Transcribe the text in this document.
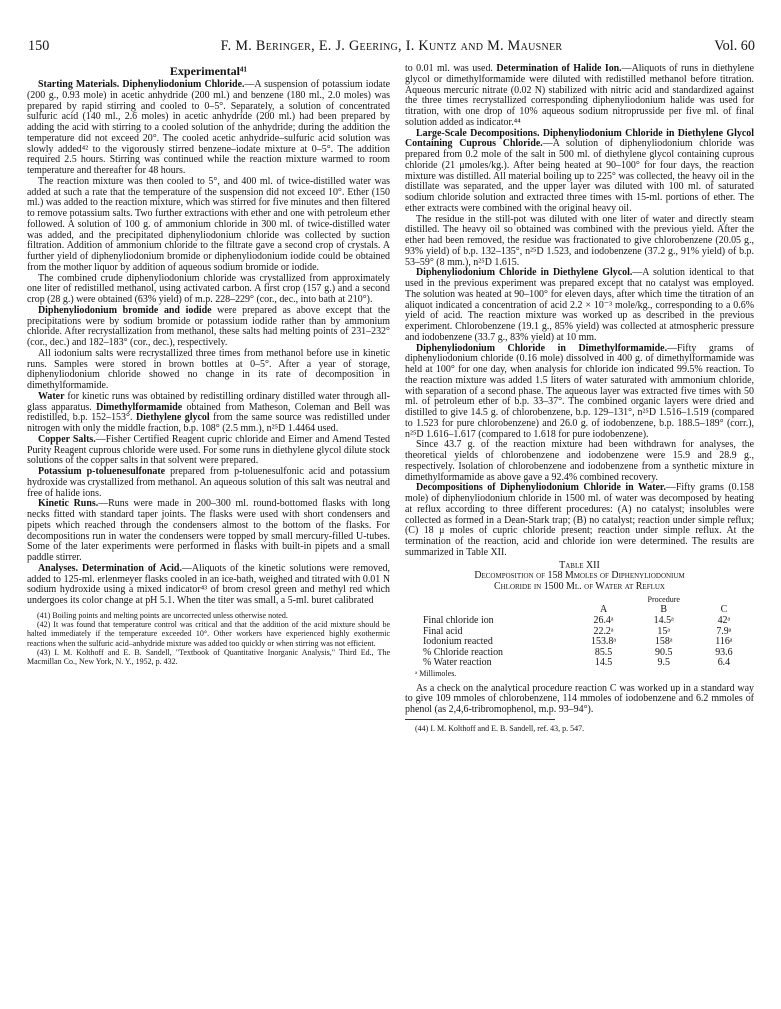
150	F. M. Beringer, E. J. Geering, I. Kuntz and M. Mausner	Vol. 60
Experimental⁴¹

Starting Materials. Diphenyliodonium Chloride.—A suspension of potassium iodate (200 g., 0.93 mole) in acetic anhydride (200 ml.) and benzene (180 ml., 2.0 moles) was prepared by rapid stirring and cooled to 0–5°. Separately, a solution of concentrated sulfuric acid (140 ml., 2.6 moles) in acetic anhydride (200 ml.) had been prepared by adding the acid with stirring to a cooled solution of the anhydride; during the addition the temperature did not exceed 20°. The cooled acetic anhydride–sulfuric acid solution was slowly added⁴² to the vigorously stirred benzene–iodate mixture at 0–5°. The addition required 2.5 hours. Stirring was continued while the reaction mixture warmed to room temperature and thereafter for 48 hours.

The reaction mixture was then cooled to 5°, and 400 ml. of twice-distilled water was added at such a rate that the temperature of the suspension did not exceed 10°. Ether (150 ml.) was added to the reaction mixture, which was stirred for five minutes and then filtered to remove potassium salts. Two further extractions with ether and one with petroleum ether followed. A solution of 100 g. of ammonium chloride in 300 ml. of twice-distilled water was added, and the precipitated diphenyliodonium chloride was collected by suction filtration. Addition of ammonium chloride to the filtrate gave a second crop of crystals. A further yield of diphenyliodonium bromide or diphenyliodonium iodide could be obtained from the mother liquor by addition of aqueous sodium bromide or iodide.

The combined crude diphenyliodonium chloride was crystallized from approximately one liter of redistilled methanol, using activated carbon. A first crop (157 g.) and a second crop (28 g.) were obtained (63% yield) of m.p. 228–229° (cor., dec., into bath at 210°).

Diphenyliodonium bromide and iodide were prepared as above except that the precipitations were by sodium bromide or potassium iodide rather than by ammonium chloride. After recrystallization from methanol, these salts had melting points of 231–232° (cor., dec.) and 182–183° (cor., dec.), respectively.

All iodonium salts were recrystallized three times from methanol before use in kinetic runs. Samples were stored in brown bottles at 0–5°. After a year of storage, diphenyliodonium chloride showed no change in its rate of decomposition in dimethylformamide.

Water for kinetic runs was obtained by redistilling ordinary distilled water through all-glass apparatus. Dimethylformamide obtained from Matheson, Coleman and Bell was redistilled, b.p. 152–153°. Diethylene glycol from the same source was redistilled under nitrogen with only the middle fraction, b.p. 108° (2.5 mm.), n²⁵D 1.4464 used.

Copper Salts.—Fisher Certified Reagent cupric chloride and Eimer and Amend Tested Purity Reagent cuprous chloride were used. For some runs in diethylene glycol dilute stock solutions of the copper salts in that solvent were prepared.

Potassium p-toluenesulfonate prepared from p-toluenesulfonic acid and potassium hydroxide was crystallized from methanol. An aqueous solution of this salt was neutral and free of halide ions.

Kinetic Runs.—Runs were made in 200–300 ml. round-bottomed flasks with long necks fitted with standard taper joints. The flasks were used with short condensers and pipets which reached through the condensers almost to the bottom of the flasks. For decompositions run in water the condensers were topped by small mercury-filled U-tubes. Some of the later experiments were performed in flasks with built-in pipets and a small paddle stirrer.

Analyses. Determination of Acid.—Aliquots of the kinetic solutions were removed, added to 125-ml. erlenmeyer flasks cooled in an ice-bath, weighed and titrated with 0.01 N sodium hydroxide using a mixed indicator⁴³ of brom cresol green and methyl red which undergoes its color change at pH 5.1. When the titer was small, a 5-ml. buret calibrated

(41) Boiling points and melting points are uncorrected unless otherwise noted.

(42) It was found that temperature control was critical and that the addition of the acid mixture should be halted immediately if the temperature exceeded 10°. Other workers have experienced highly exothermic reactions when the sulfuric acid–anhydride mixture was added too quickly or when stirring was not efficient.

(43) I. M. Kolthoff and E. B. Sandell, "Textbook of Quantitative Inorganic Analysis," Third Ed., The Macmillan Co., New York, N. Y., 1952, p. 432.

to 0.01 ml. was used. Determination of Halide Ion.—Aliquots of runs in diethylene glycol or dimethylformamide were diluted with redistilled methanol before titration. Aqueous mercuric nitrate (0.02 N) stabilized with nitric acid and standardized against the three times recrystallized corresponding diphenyliodonium halide was used for titration, with one drop of 10% aqueous sodium nitroprusside per five ml. of final solution added as indicator.⁴⁴

Large-Scale Decompositions. Diphenyliodonium Chloride in Diethylene Glycol Containing Cuprous Chloride.—A solution of diphenyliodonium chloride was prepared from 0.2 mole of the salt in 500 ml. of diethylene glycol containing cuprous chloride (21 μmoles/kg.). After being heated at 90–100° for four days, the reaction mixture was distilled. All material boiling up to 225° was collected, the heavy oil in the distillate was separated, and the upper layer was diluted with 100 ml. of saturated sodium chloride solution and extracted three times with 15-ml. portions of ether. The ether extracts were combined with the original heavy oil.

The residue in the still-pot was diluted with one liter of water and directly steam distilled. The heavy oil so obtained was combined with the previous yield. After the ether had been removed, the residue was fractionated to give chlorobenzene (20.05 g., 93% yield) of b.p. 132–135°, n²⁵D 1.523, and iodobenzene (37.2 g., 91% yield) of b.p. 53–59° (8 mm.), n²⁵D 1.615.

Diphenyliodonium Chloride in Diethylene Glycol.—A solution identical to that used in the previous experiment was prepared except that no catalyst was employed. The solution was heated at 90–100° for eleven days, after which time the titration of an aliquot indicated a concentration of acid 2.2 × 10⁻³ mole/kg., corresponding to a 0.6% yield of acid. The reaction mixture was worked up as described in the previous experiment. Chlorobenzene (19.1 g., 85% yield) was collected at atmospheric pressure and iodobenzene (33.7 g., 83% yield) at 10 mm.

Diphenyliodonium Chloride in Dimethylformamide.—Fifty grams of diphenyliodonium chloride (0.16 mole) dissolved in 400 g. of dimethylformamide was held at 100° for one day, when analysis for chloride ion indicated 99.5% reaction. To the reaction mixture was added 1.5 liters of water saturated with ammonium chloride, with separation of a second phase. The aqueous layer was extracted five times with 50 ml. of petroleum ether of b.p. 33–37°. The combined organic layers were dried and distilled to give 14.5 g. of chlorobenzene, b.p. 129–131°, n²⁵D 1.516–1.519 (compared to 1.523 for pure chlorobenzene) and 26.0 g. of iodobenzene, b.p. 188.5–189° (corr.), n²⁵D 1.616–1.617 (compared to 1.618 for pure iodobenzene).

Since 43.7 g. of the reaction mixture had been withdrawn for analyses, the theoretical yields of chlorobenzene and iodobenzene were 15.9 and 28.9 g., respectively. Isolation of chlorobenzene and iodobenzene from a synthetic mixture in dimethylformamide as above gave a 92.4% combined recovery.

Decompositions of Diphenyliodonium Chloride in Water.—Fifty grams (0.158 mole) of diphenyliodonium chloride in 1500 ml. of water was decomposed by heating at reflux according to three different procedures: (A) no catalyst; insolubles were collected as formed in a Dean-Stark trap; (B) no catalyst; reaction under simple reflux; (C) 18 μ moles of cupric chloride present; reaction under simple reflux. At the termination of the reaction, acid and chloride ion were determined. The results are summarized in Table XII.

Table XII
Decomposition of 158 Mmoles of Diphenyliodonium
Chloride in 1500 Ml. of Water at Reflux
	Procedure		
	A	B	C
Final chloride ion	26.4ᵃ	14.5ᵃ	42ᵃ
Final acid	22.2ᵃ	15ᵃ	7.9ᵃ
Iodonium reacted	153.8ᵃ	158ᵃ	116ᵃ
% Chloride reaction	85.5	90.5	93.6
% Water reaction	14.5	9.5	6.4
ᵃ Millimoles.

As a check on the analytical procedure reaction C was worked up in a standard way to give 109 mmoles of chlorobenzene, 114 mmoles of iodobenzene and 6.2 mmoles of phenol (as 2,4,6-tribromophenol, m.p. 93–94°).

(44) I. M. Kolthoff and E. B. Sandell, ref. 43, p. 547.
